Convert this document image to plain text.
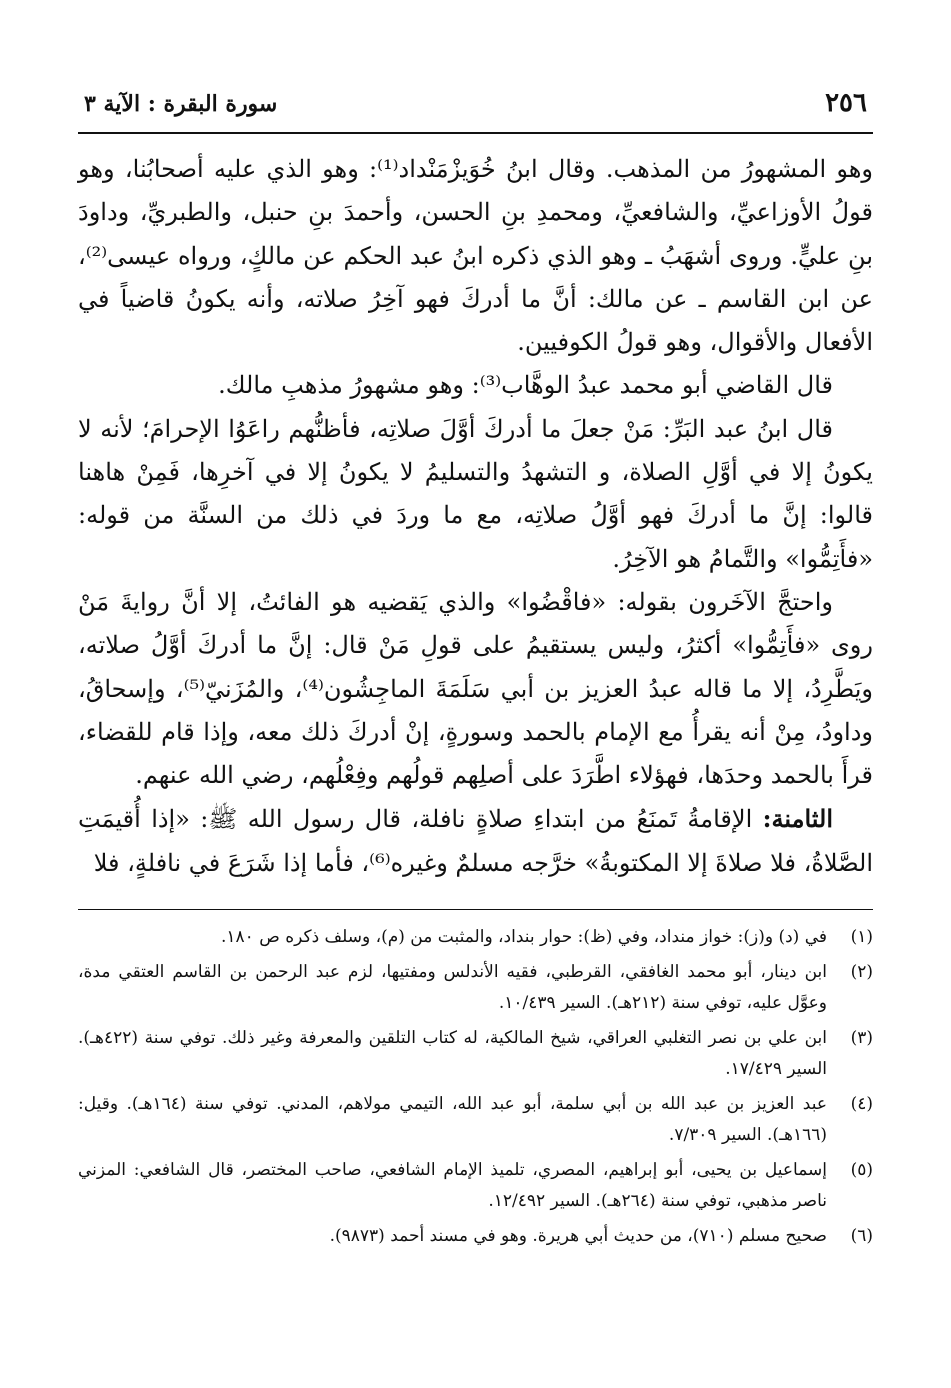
٢٥٦
سورة البقرة : الآية ٣

وهو المشهورُ من المذهب. وقال ابنُ خُوَيزْمَنْداد⁽¹⁾: وهو الذي عليه أصحابُنا، وهو قولُ الأوزاعيِّ، والشافعيِّ، ومحمدِ بنِ الحسن، وأحمدَ بنِ حنبل، والطبريِّ، وداودَ بنِ عليٍّ. وروى أشهَبُ ـ وهو الذي ذكره ابنُ عبد الحكم عن مالكٍ، ورواه عيسى⁽²⁾، عن ابن القاسم ـ عن مالك: أنَّ ما أدركَ فهو آخِرُ صلاته، وأنه يكونُ قاضياً في الأفعال والأقوال، وهو قولُ الكوفيين.

قال القاضي أبو محمد عبدُ الوهَّاب⁽³⁾: وهو مشهورُ مذهبِ مالك.

قال ابنُ عبد البَرِّ: مَنْ جعلَ ما أدركَ أوَّلَ صلاتِه، فأظنُّهم راعَوُا الإحرامَ؛ لأنه لا يكونُ إلا في أوَّلِ الصلاة، و التشهدُ والتسليمُ لا يكونُ إلا في آخرِها، فَمِنْ هاهنا قالوا: إنَّ ما أدركَ فهو أوَّلُ صلاتِه، مع ما وردَ في ذلك من السنَّة من قوله: «فأَتِمُّوا» والتَّمامُ هو الآخِرُ.

واحتجَّ الآخَرون بقوله: «فاقْضُوا» والذي يَقضيه هو الفائتُ، إلا أنَّ روايةَ مَنْ روى «فأَتِمُّوا» أكثرُ، وليس يستقيمُ على قولِ مَنْ قال: إنَّ ما أدركَ أوَّلُ صلاته، ويَطَّرِدُ، إلا ما قاله عبدُ العزيز بن أبي سَلَمَةَ الماجِشُون⁽⁴⁾، والمُزَنيّ⁽⁵⁾، وإسحاقُ، وداودُ، مِنْ أنه يقرأُ مع الإمام بالحمد وسورةٍ، إنْ أدركَ ذلك معه، وإذا قام للقضاء، قرأَ بالحمد وحدَها، فهؤلاء اطَّرَدَ على أصلِهم قولُهم وفِعْلُهم، رضي الله عنهم.

الثامنة: الإقامةُ تَمنَعُ من ابتداءِ صلاةٍ نافلة، قال رسول الله ﷺ: «إذا أُقيمَتِ الصَّلاةُ، فلا صلاةَ إلا المكتوبةُ» خرَّجه مسلمٌ وغيره⁽⁶⁾، فأما إذا شَرَعَ في نافلةٍ، فلا

(١)
في (د) و(ز): خواز منداد، وفي (ظ): حوار بنداد، والمثبت من (م)، وسلف ذكره ص ١٨٠.
(٢)
ابن دينار، أبو محمد الغافقي، القرطبي، فقيه الأندلس ومفتيها، لزم عبد الرحمن بن القاسم العتقي مدة، وعوَّل عليه، توفي سنة (٢١٢هـ). السير ١٠/٤٣٩.
(٣)
ابن علي بن نصر التغلبي العراقي، شيخ المالكية، له كتاب التلقين والمعرفة وغير ذلك. توفي سنة (٤٢٢هـ). السير ١٧/٤٢٩.
(٤)
عبد العزيز بن عبد الله بن أبي سلمة، أبو عبد الله، التيمي مولاهم، المدني. توفي سنة (١٦٤هـ). وقيل: (١٦٦هـ). السير ٧/٣٠٩.
(٥)
إسماعيل بن يحيى، أبو إبراهيم، المصري، تلميذ الإمام الشافعي، صاحب المختصر، قال الشافعي: المزني ناصر مذهبي، توفي سنة (٢٦٤هـ). السير ١٢/٤٩٢.
(٦)
صحيح مسلم (٧١٠)، من حديث أبي هريرة. وهو في مسند أحمد (٩٨٧٣).
